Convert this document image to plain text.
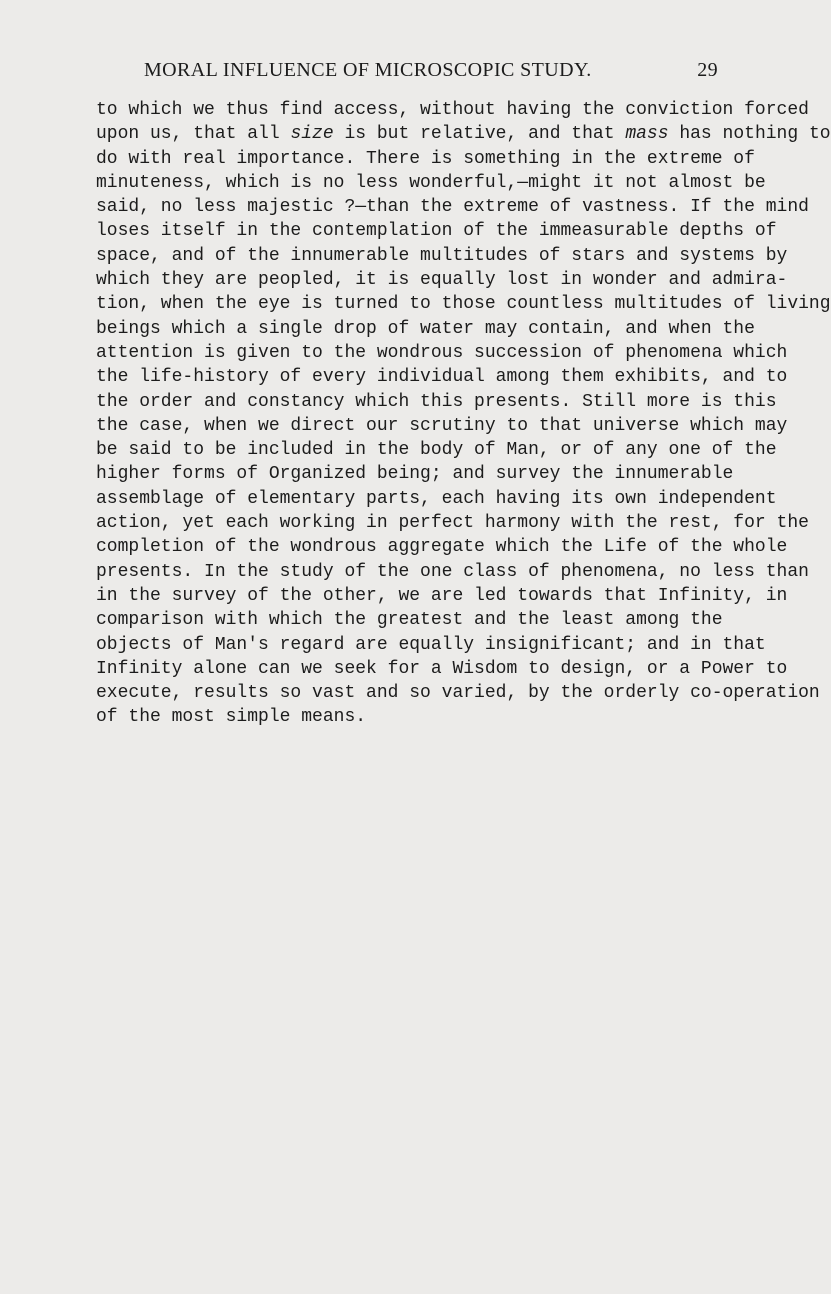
MORAL INFLUENCE OF MICROSCOPIC STUDY.	29
to which we thus find access, without having the conviction forced
upon us, that all size is but relative, and that mass has nothing to
do with real importance. There is something in the extreme of
minuteness, which is no less wonderful,—might it not almost be
said, no less majestic ?—than the extreme of vastness. If the mind
loses itself in the contemplation of the immeasurable depths of
space, and of the innumerable multitudes of stars and systems by
which they are peopled, it is equally lost in wonder and admira-
tion, when the eye is turned to those countless multitudes of living
beings which a single drop of water may contain, and when the
attention is given to the wondrous succession of phenomena which
the life-history of every individual among them exhibits, and to
the order and constancy which this presents. Still more is this
the case, when we direct our scrutiny to that universe which may
be said to be included in the body of Man, or of any one of the
higher forms of Organized being; and survey the innumerable
assemblage of elementary parts, each having its own independent
action, yet each working in perfect harmony with the rest, for the
completion of the wondrous aggregate which the Life of the whole
presents. In the study of the one class of phenomena, no less than
in the survey of the other, we are led towards that Infinity, in
comparison with which the greatest and the least among the
objects of Man's regard are equally insignificant; and in that
Infinity alone can we seek for a Wisdom to design, or a Power to
execute, results so vast and so varied, by the orderly co-operation
of the most simple means.
